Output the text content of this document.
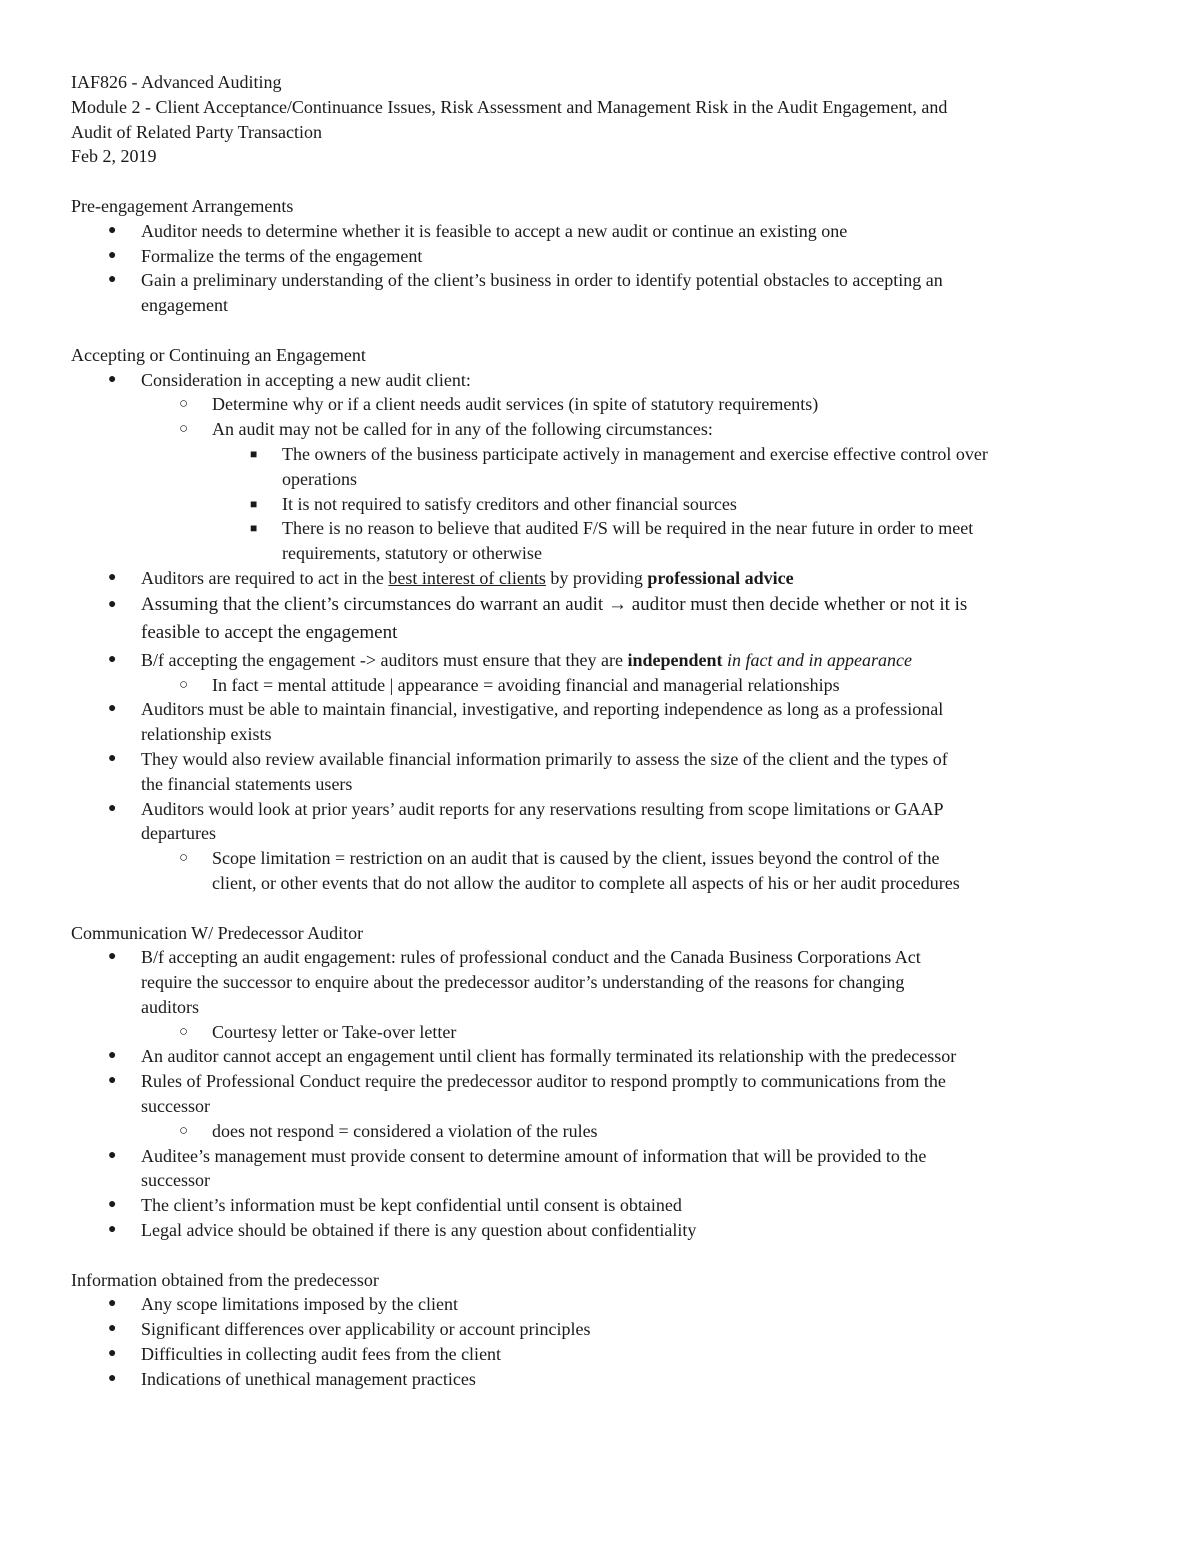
IAF826 - Advanced Auditing

Module 2 - Client Acceptance/Continuance Issues, Risk Assessment and Management Risk in the Audit Engagement, and

Audit of Related Party Transaction

Feb 2, 2019

Pre-engagement Arrangements

● Auditor needs to determine whether it is feasible to accept a new audit or continue an existing one
● Formalize the terms of the engagement
● Gain a preliminary understanding of the client’s business in order to identify potential obstacles to accepting an
engagement

Accepting or Continuing an Engagement

● Consideration in accepting a new audit client:
○ Determine why or if a client needs audit services (in spite of statutory requirements)
○ An audit may not be called for in any of the following circumstances:
■ The owners of the business participate actively in management and exercise effective control over
operations
■ It is not required to satisfy creditors and other financial sources
■ There is no reason to believe that audited F/S will be required in the near future in order to meet
requirements, statutory or otherwise
● Auditors are required to act in the best interest of clients by providing professional advice
● Assuming that the client’s circumstances do warrant an audit → auditor must then decide whether or not it is
feasible to accept the engagement
● B/f accepting the engagement -> auditors must ensure that they are independent in fact and in appearance
○ In fact = mental attitude | appearance = avoiding financial and managerial relationships
● Auditors must be able to maintain financial, investigative, and reporting independence as long as a professional
relationship exists
● They would also review available financial information primarily to assess the size of the client and the types of
the financial statements users
● Auditors would look at prior years’ audit reports for any reservations resulting from scope limitations or GAAP
departures
○ Scope limitation = restriction on an audit that is caused by the client, issues beyond the control of the
client, or other events that do not allow the auditor to complete all aspects of his or her audit procedures

Communication W/ Predecessor Auditor

● B/f accepting an audit engagement: rules of professional conduct and the Canada Business Corporations Act
require the successor to enquire about the predecessor auditor’s understanding of the reasons for changing
auditors
○ Courtesy letter or Take-over letter
● An auditor cannot accept an engagement until client has formally terminated its relationship with the predecessor
● Rules of Professional Conduct require the predecessor auditor to respond promptly to communications from the
successor
○ does not respond = considered a violation of the rules
● Auditee’s management must provide consent to determine amount of information that will be provided to the
successor
● The client’s information must be kept confidential until consent is obtained
● Legal advice should be obtained if there is any question about confidentiality

Information obtained from the predecessor

● Any scope limitations imposed by the client
● Significant differences over applicability or account principles
● Difficulties in collecting audit fees from the client
● Indications of unethical management practices
